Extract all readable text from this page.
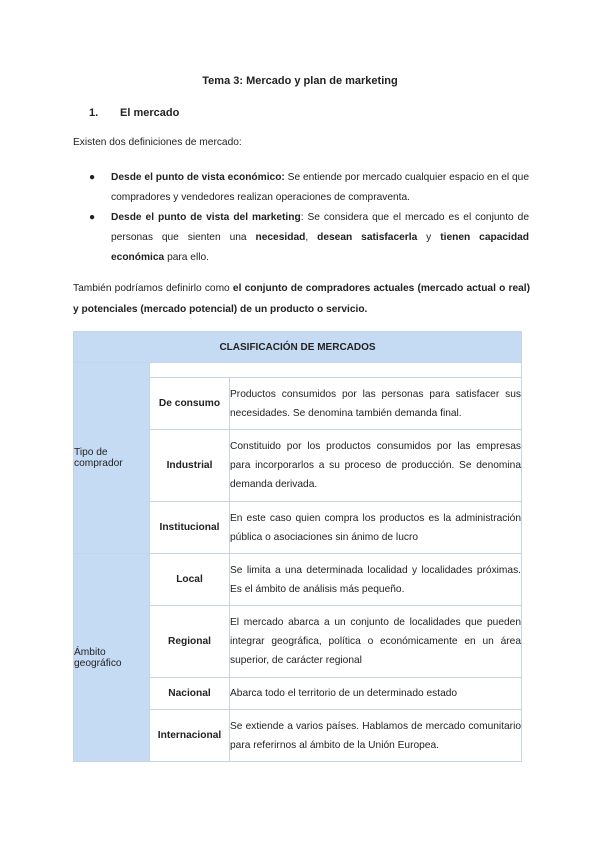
Tema 3: Mercado y plan de marketing
1. El mercado
Existen dos definiciones de mercado:
● Desde el punto de vista económico: Se entiende por mercado cualquier espacio en el que compradores y vendedores realizan operaciones de compraventa.
● Desde el punto de vista del marketing: Se considera que el mercado es el conjunto de personas que sienten una necesidad, desean satisfacerla y tienen capacidad económica para ello.
También podríamos definirlo como el conjunto de compradores actuales (mercado actual o real) y potenciales (mercado potencial) de un producto o servicio.
CLASIFICACIÓN DE MERCADOS		

Tipo de comprador		

	De consumo	Productos consumidos por las personas para satisfacer sus necesidades. Se denomina también demanda final.
	Industrial	Constituido por los productos consumidos por las empresas para incorporarlos a su proceso de producción. Se denomina demanda derivada.
	Institucional	En este caso quien compra los productos es la administración pública o asociaciones sin ánimo de lucro

Ámbito geográfico	Local	Se limita a una determinada localidad y localidades próximas. Es el ámbito de análisis más pequeño.
	Regional	El mercado abarca a un conjunto de localidades que pueden integrar geográfica, política o económicamente en un área superior, de carácter regional
	Nacional	Abarca todo el territorio de un determinado estado
	Internacional	Se extiende a varios países. Hablamos de mercado comunitario para referirnos al ámbito de la Unión Europea.
